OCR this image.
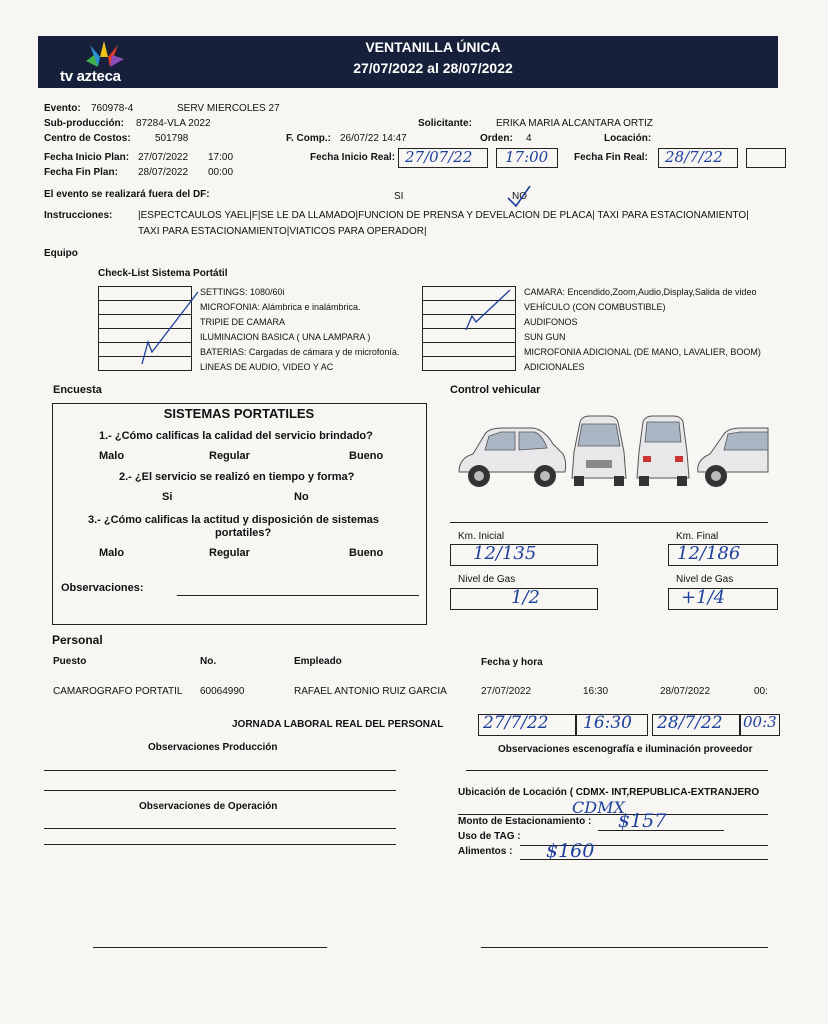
tv azteca
VENTANILLA ÚNICA
27/07/2022 al 28/07/2022
Evento: 760978-4	SERV MIERCOLES 27
Sub-producción: 87284-VLA 2022	Solicitante: ERIKA MARIA ALCANTARA ORTIZ
Centro de Costos: 501798	F. Comp.: 26/07/22 14:47	Orden: 4	Locación:
Fecha Inicio Plan: 27/07/2022 17:00	Fecha Inicio Real: 27/07/22 17:00	Fecha Fin Real: 28/7/22
Fecha Fin Plan: 28/07/2022 00:00
El evento se realizará fuera del DF:	SI	NO
Instrucciones:	|ESPECTCAULOS YAEL|F|SE LE DA LLAMADO|FUNCION DE PRENSA Y DEVELACION DE PLACA| TAXI PARA ESTACIONAMIENTO|
TAXI PARA ESTACIONAMIENTO|VIATICOS PARA OPERADOR|
Equipo
Check-List Sistema Portátil
SETTINGS: 1080/60i
MICROFONIA: Alámbrica e inalámbrica.
TRIPIE DE CAMARA
ILUMINACION BASICA ( UNA LAMPARA )
BATERIAS: Cargadas de cámara y de microfonía.
LINEAS DE AUDIO, VIDEO Y AC
CAMARA: Encendido,Zoom,Audio,Display,Salida de video
VEHÍCULO (CON COMBUSTIBLE)
AUDIFONOS
SUN GUN
MICROFONIA ADICIONAL (DE MANO, LAVALIER, BOOM)
ADICIONALES
Encuesta
SISTEMAS PORTATILES
1.- ¿Cómo calificas la calidad del servicio brindado?
Malo	Regular	Bueno
2.- ¿El servicio se realizó en tiempo y forma?
Si	No
3.- ¿Cómo calificas la actitud y disposición de sistemas
portatiles?
Malo	Regular	Bueno
Observaciones:
Control vehicular
Km. Inicial
12/135
Km. Final
12/186
Nivel de Gas
1/2
Nivel de Gas
+1/4
Personal
Puesto	No.	Empleado	Fecha y hora
CAMAROGRAFO PORTATIL 60064990	RAFAEL ANTONIO RUIZ GARCIA	27/07/2022	16:30	28/07/2022	00:
JORNADA LABORAL REAL DEL PERSONAL 27/7/22 16:30 28/7/22 00:3
Observaciones Producción	Observaciones escenografía e iluminación proveedor
Observaciones de Operación
Ubicación de Locación ( CDMX- INT,REPUBLICA-EXTRANJERO
CDMX
Monto de Estacionamiento : $157
Uso de TAG :
Alimentos : $160
